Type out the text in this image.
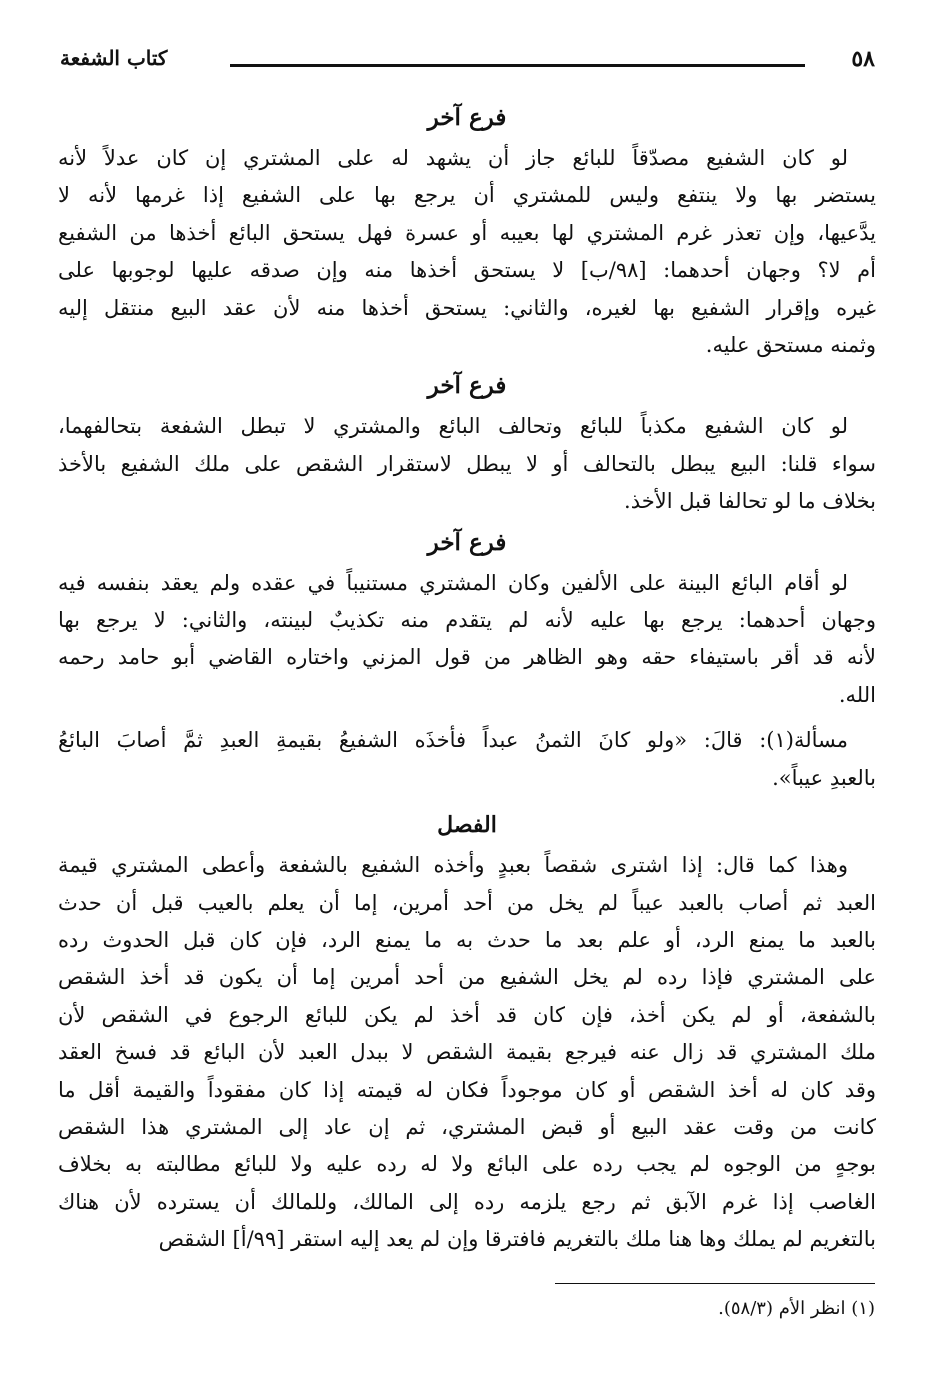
٥٨
كتاب الشفعة
فرع آخر
لو كان الشفيع مصدّقاً للبائع جاز أن يشهد له على المشتري إن كان عدلاً لأنه
يستضر بها ولا ينتفع وليس للمشتري أن يرجع بها على الشفيع إذا غرمها لأنه لا
يدَّعيها، وإن تعذر غرم المشتري لها بعيبه أو عسرة فهل يستحق البائع أخذها من الشفيع
أم لا؟ وجهان أحدهما: [٩٨/ب] لا يستحق أخذها منه وإن صدقه عليها لوجوبها على
غيره وإقرار الشفيع بها لغيره، والثاني: يستحق أخذها منه لأن عقد البيع منتقل إليه
وثمنه مستحق عليه.
فرع آخر
لو كان الشفيع مكذباً للبائع وتحالف البائع والمشتري لا تبطل الشفعة بتحالفهما،
سواء قلنا: البيع يبطل بالتحالف أو لا يبطل لاستقرار الشقص على ملك الشفيع بالأخذ
بخلاف ما لو تحالفا قبل الأخذ.
فرع آخر
لو أقام البائع البينة على الألفين وكان المشتري مستنيباً في عقده ولم يعقد بنفسه فيه
وجهان أحدهما: يرجع بها عليه لأنه لم يتقدم منه تكذيبٌ لبينته، والثاني: لا يرجع بها
لأنه قد أقر باستيفاء حقه وهو الظاهر من قول المزني واختاره القاضي أبو حامد رحمه
الله.
مسألة(١): قالَ: «ولو كانَ الثمنُ عبداً فأخذَه الشفيعُ بقيمةِ العبدِ ثمَّ أصابَ البائعُ
بالعبدِ عيباً».
الفصل
وهذا كما قال: إذا اشترى شقصاً بعبدٍ وأخذه الشفيع بالشفعة وأعطى المشتري قيمة
العبد ثم أصاب بالعبد عيباً لم يخل من أحد أمرين، إما أن يعلم بالعيب قبل أن حدث
بالعبد ما يمنع الرد، أو علم بعد ما حدث به ما يمنع الرد، فإن كان قبل الحدوث رده
على المشتري فإذا رده لم يخل الشفيع من أحد أمرين إما أن يكون قد أخذ الشقص
بالشفعة، أو لم يكن أخذ، فإن كان قد أخذ لم يكن للبائع الرجوع في الشقص لأن
ملك المشتري قد زال عنه فيرجع بقيمة الشقص لا ببدل العبد لأن البائع قد فسخ العقد
وقد كان له أخذ الشقص أو كان موجوداً فكان له قيمته إذا كان مفقوداً والقيمة أقل ما
كانت من وقت عقد البيع أو قبض المشتري، ثم إن عاد إلى المشتري هذا الشقص
بوجهٍ من الوجوه لم يجب رده على البائع ولا له رده عليه ولا للبائع مطالبته به بخلاف
الغاصب إذا غرم الآبق ثم رجع يلزمه رده إلى المالك، وللمالك أن يسترده لأن هناك
بالتغريم لم يملك وها هنا ملك بالتغريم فافترقا وإن لم يعد إليه استقر [٩٩/أ] الشقص
(١) انظر الأم (٥٨/٣).
